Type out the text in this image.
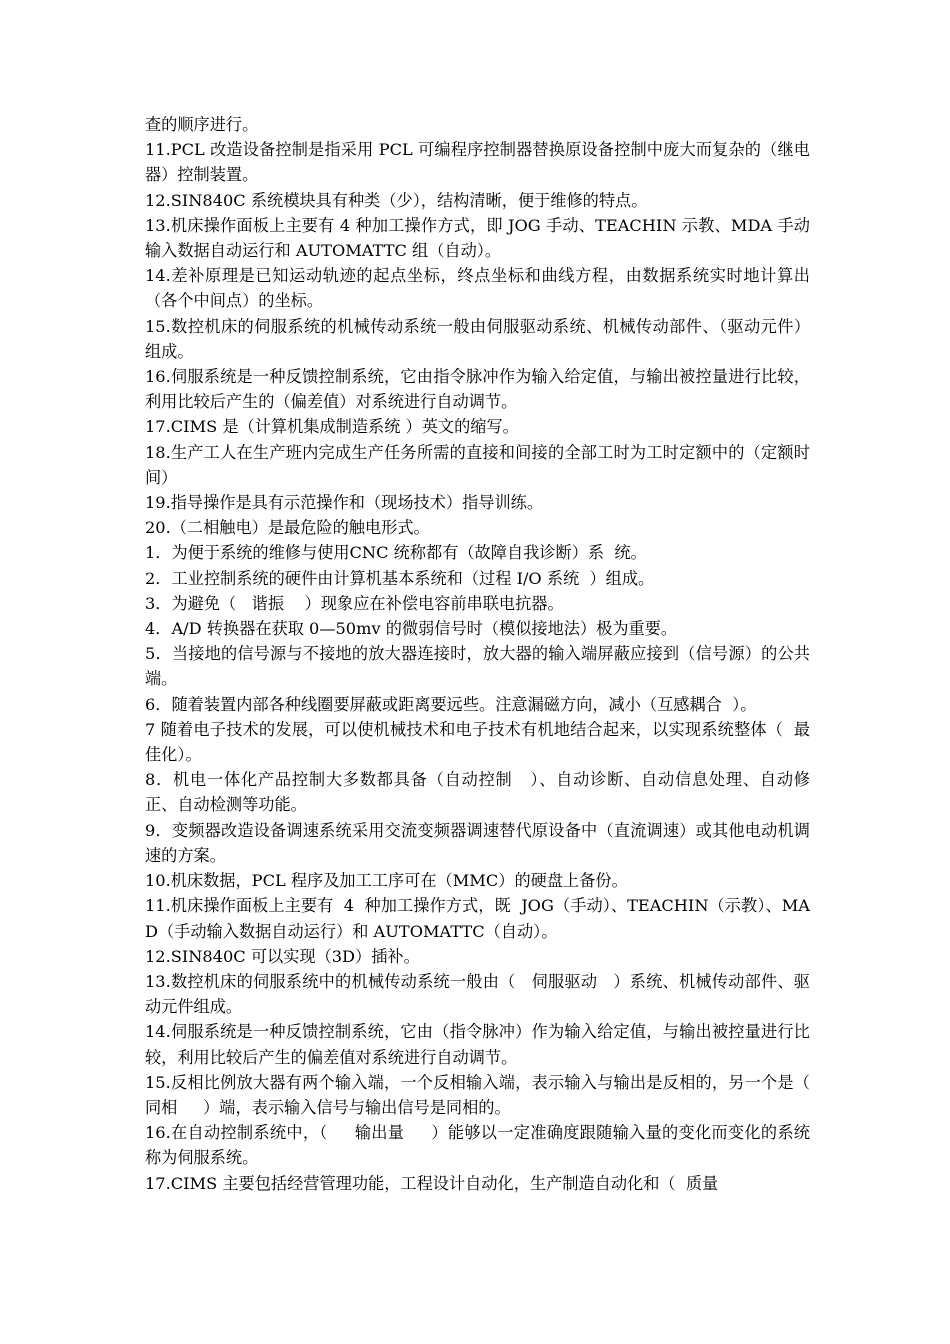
查的顺序进行。

11.PCL 改造设备控制是指采用 PCL 可编程序控制器替换原设备控制中庞大而复杂的（继电器）控制装置。

12.SIN840C 系统模块具有种类（少），结构清晰，便于维修的特点。

13.机床操作面板上主要有 4 种加工操作方式，即 JOG 手动、TEACHIN 示教、MDA 手动输入数据自动运行和 AUTOMATTC 组（自动）。

14.差补原理是已知运动轨迹的起点坐标，终点坐标和曲线方程，由数据系统实时地计算出（各个中间点）的坐标。

15.数控机床的伺服系统的机械传动系统一般由伺服驱动系统、机械传动部件、（驱动元件）组成。

16.伺服系统是一种反馈控制系统，它由指令脉冲作为输入给定值，与输出被控量进行比较，利用比较后产生的（偏差值）对系统进行自动调节。

17.CIMS 是（计算机集成制造系统 ）英文的缩写。

18.生产工人在生产班内完成生产任务所需的直接和间接的全部工时为工时定额中的（定额时间）

19.指导操作是具有示范操作和（现场技术）指导训练。

20.（二相触电）是最危险的触电形式。

1．为便于系统的维修与使用CNC 统称都有（故障自我诊断）系  统。

2．工业控制系统的硬件由计算机基本系统和（过程 I/O 系统  ）组成。

3．为避免（   谐振    ）现象应在补偿电容前串联电抗器。

4．A/D 转换器在获取 0—50mv 的微弱信号时（模似接地法）极为重要。

5．当接地的信号源与不接地的放大器连接时，放大器的输入端屏蔽应接到（信号源）的公共端。

6．随着装置内部各种线圈要屏蔽或距离要远些。注意漏磁方向，减小（互感耦合  ）。

7 随着电子技术的发展，可以使机械技术和电子技术有机地结合起来，以实现系统整体（  最佳化）。

8．机电一体化产品控制大多数都具备（自动控制   ）、自动诊断、自动信息处理、自动修正、自动检测等功能。

9．变频器改造设备调速系统采用交流变频器调速替代原设备中（直流调速）或其他电动机调速的方案。

10.机床数据，PCL 程序及加工工序可在（MMC）的硬盘上备份。

11.机床操作面板上主要有  4  种加工操作方式，既  JOG（手动）、TEACHIN（示教）、MAD（手动输入数据自动运行）和 AUTOMATTC（自动）。

12.SIN840C 可以实现（3D）插补。

13.数控机床的伺服系统中的机械传动系统一般由（   伺服驱动   ）系统、机械传动部件、驱动元件组成。

14.伺服系统是一种反馈控制系统，它由（指令脉冲）作为输入给定值，与输出被控量进行比较，利用比较后产生的偏差值对系统进行自动调节。

15.反相比例放大器有两个输入端，一个反相输入端，表示输入与输出是反相的，另一个是（     同相     ）端，表示输入信号与输出信号是同相的。

16.在自动控制系统中，（     输出量     ）能够以一定准确度跟随输入量的变化而变化的系统称为伺服系统。

17.CIMS 主要包括经营管理功能，工程设计自动化，生产制造自动化和（  质量
